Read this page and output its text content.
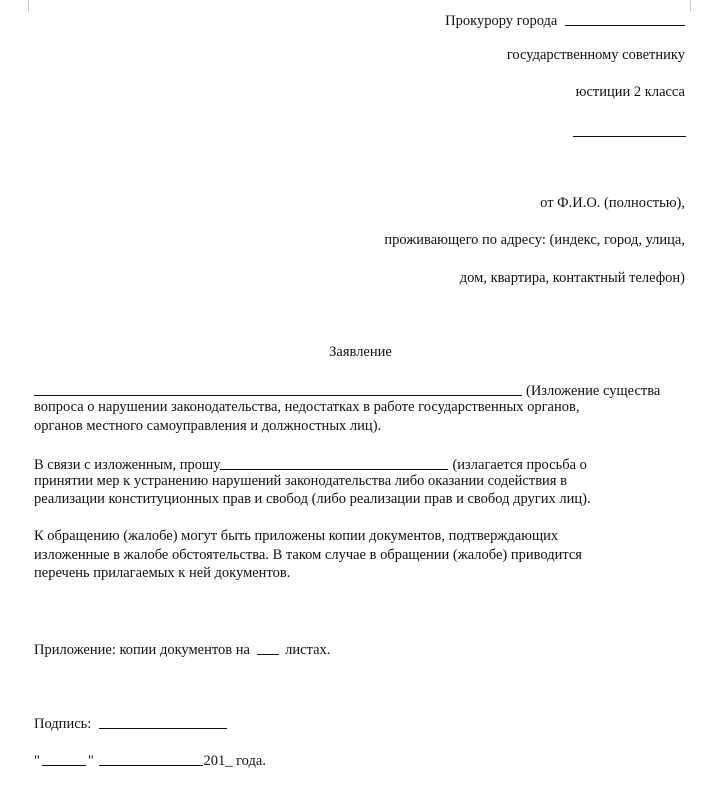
Прокурору города
государственному советнику
юстиции 2 класса
от Ф.И.О. (полностью),
проживающего по адресу: (индекс, город, улица,
дом, квартира, контактный телефон)
Заявление
(Изложение существа
вопроса о нарушении законодательства, недостатках в работе государственных органов,
органов местного самоуправления и должностных лиц).
В связи с изложенным, прошу	(излагается просьба о
принятии мер к устранению нарушений законодательства либо оказании содействия в
реализации конституционных прав и свобод (либо реализации прав и свобод других лиц).
К обращению (жалобе) могут быть приложены копии документов, подтверждающих
изложенные в жалобе обстоятельства. В таком случае в обращении (жалобе) приводится
перечень прилагаемых к ней документов.
Приложение: копии документов на листах.
Подпись:
"	"	201_ года.
